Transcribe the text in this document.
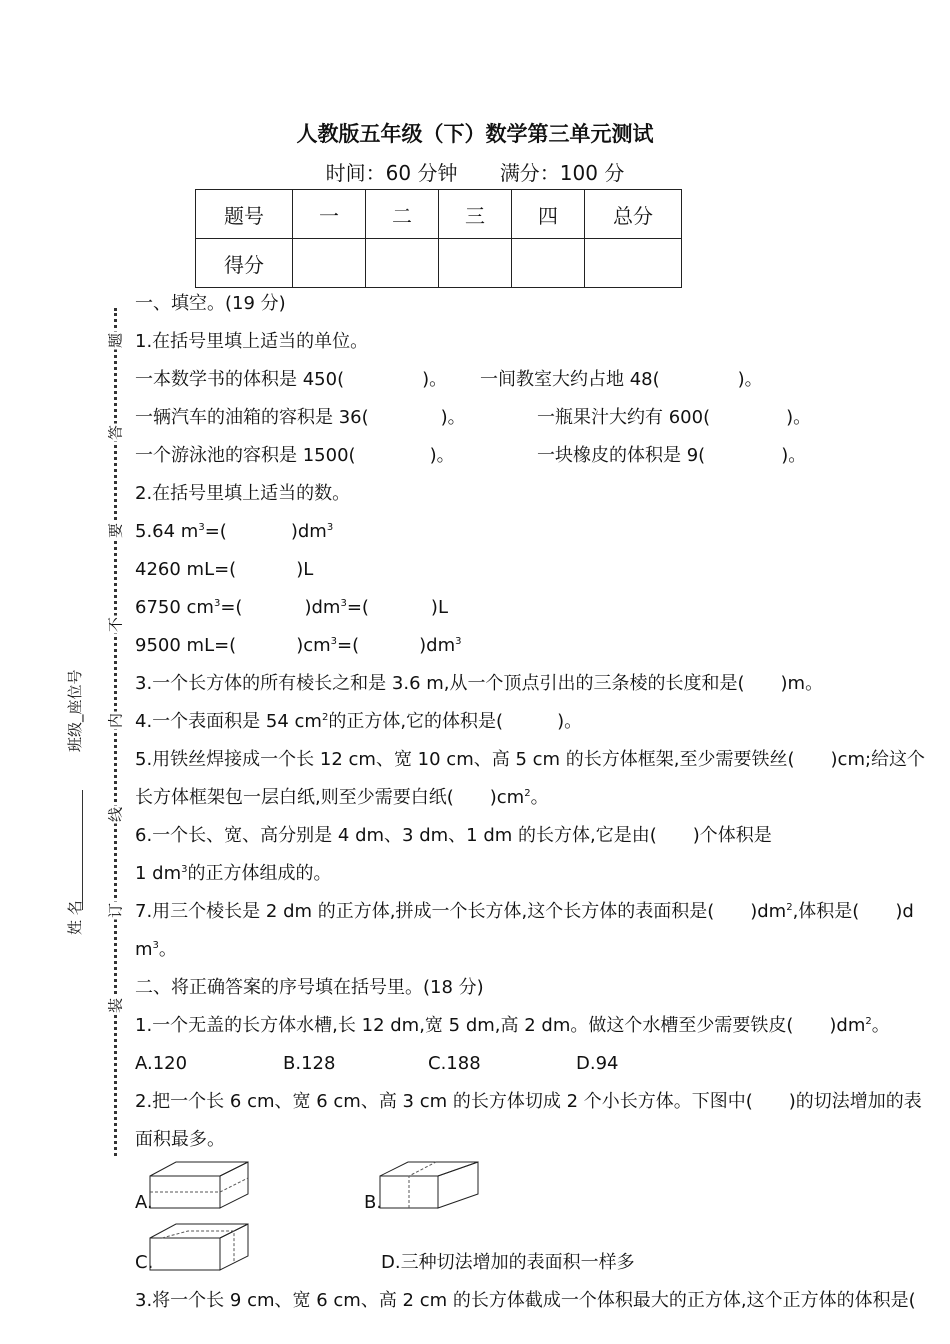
人教版五年级（下）数学第三单元测试
时间：60 分钟 满分：100 分
题号	一	二	三	四	总分
得分					
题
答
要
不
内
线
订
装
班级_座位号
姓 名
一、填空。(19 分)
1.在括号里填上适当的单位。
一本数学书的体积是 450(	)。 一间教室大约占地 48(	)。
一辆汽车的油箱的容积是 36(	)。	一瓶果汁大约有 600(	)。
一个游泳池的容积是 1500(	)。	一块橡皮的体积是 9(	)。
2.在括号里填上适当的数。
5.64 $m^3=$(	)$dm^3$
4260 mL=(	)L
6750 $cm^3=$(	)$dm^3=$(	)L
9500 mL=(	)$cm^3=$(	)$dm^3$
3.一个长方体的所有棱长之和是 3.6 m,从一个顶点引出的三条棱的长度和是(　　)m。
4.一个表面积是 54 $cm^2$的正方体,它的体积是(　　　)。
5.用铁丝焊接成一个长 12 cm、宽 10 cm、高 5 cm 的长方体框架,至少需要铁丝(　　)cm;给这个
长方体框架包一层白纸,则至少需要白纸(　　)$cm^2$。
6.一个长、宽、高分别是 4 dm、3 dm、1 dm 的长方体,它是由(　　)个体积是
1 $dm^3$的正方体组成的。
7.用三个棱长是 2 dm 的正方体,拼成一个长方体,这个长方体的表面积是(　　)$dm^2$,体积是(　　)d
$m^3$。
二、将正确答案的序号填在括号里。(18 分)
1.一个无盖的长方体水槽,长 12 dm,宽 5 dm,高 2 dm。做这个水槽至少需要铁皮(　　)$dm^2$。
A.120	B.128	C.188	D.94
2.把一个长 6 cm、宽 6 cm、高 3 cm 的长方体切成 2 个小长方体。下图中(　　)的切法增加的表
面积最多。
A.	B.
C.	D.三种切法增加的表面积一样多
3.将一个长 9 cm、宽 6 cm、高 2 cm 的长方体截成一个体积最大的正方体,这个正方体的体积是(
